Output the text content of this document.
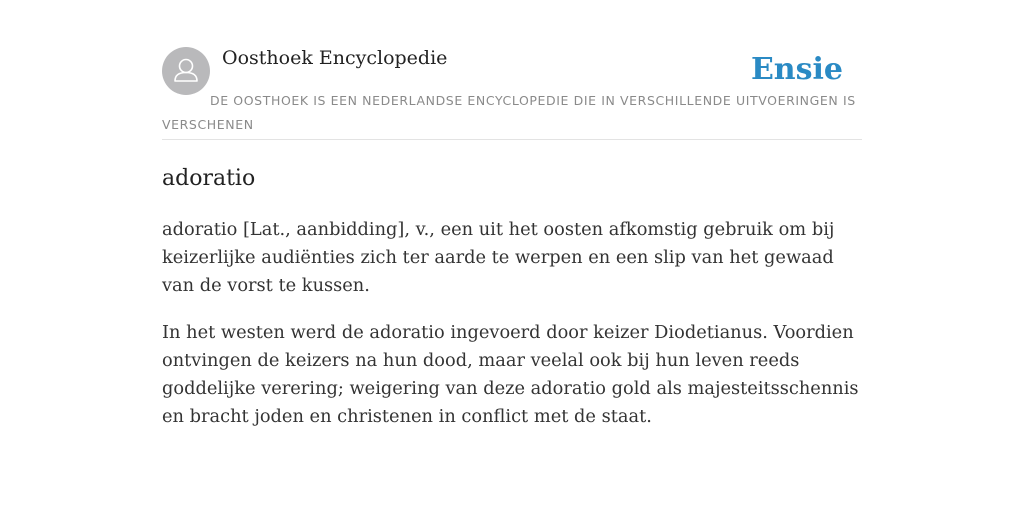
Oosthoek Encyclopedie	Ensie
DE OOSTHOEK IS EEN NEDERLANDSE ENCYCLOPEDIE DIE IN VERSCHILLENDE UITVOERINGEN IS VERSCHENEN
adoratio

adoratio [Lat., aanbidding], v., een uit het oosten afkomstig gebruik om bij keizerlijke audiënties zich ter aarde te werpen en een slip van het gewaad van de vorst te kussen.

In het westen werd de adoratio ingevoerd door keizer Diodetianus. Voordien ontvingen de keizers na hun dood, maar veelal ook bij hun leven reeds goddelijke verering; weigering van deze adoratio gold als majesteitsschennis en bracht joden en christenen in conflict met de staat.
